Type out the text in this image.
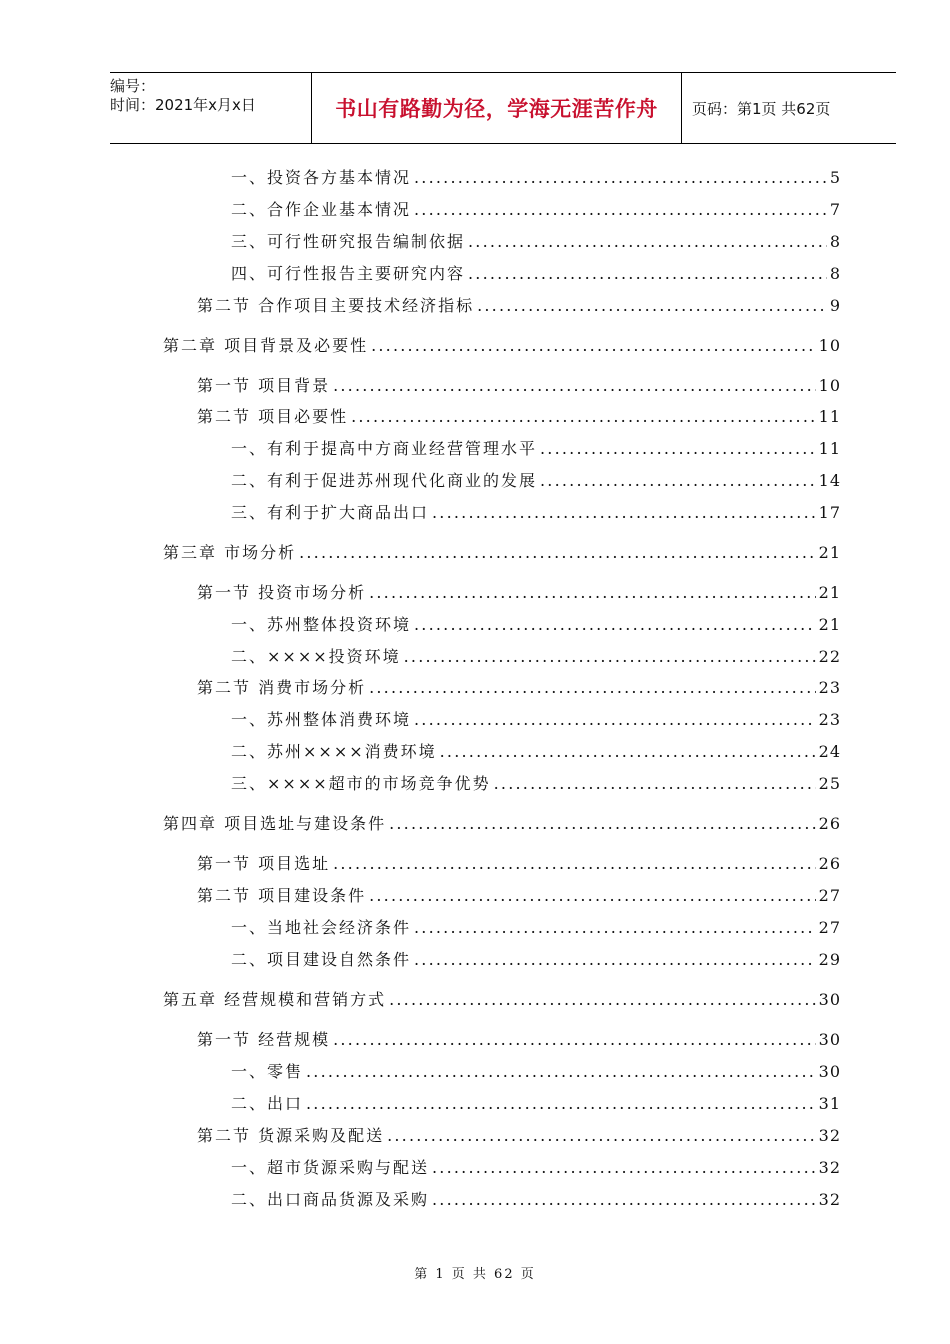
编号：
时间：2021年x月x日	书山有路勤为径，学海无涯苦作舟 页码：第1页 共62页
一、投资各方基本情况 .....	5
二、合作企业基本情况 .....	7
三、可行性研究报告编制依据 .....	8
四、可行性报告主要研究内容 .....	8
第二节 合作项目主要技术经济指标 .....	9
第二章 项目背景及必要性 .....	10
第一节 项目背景 .....	10
第二节 项目必要性 .....	11
一、有利于提高中方商业经营管理水平 .....	11
二、有利于促进苏州现代化商业的发展 .....	14
三、有利于扩大商品出口 .....	17
第三章 市场分析 .....	21
第一节 投资市场分析 .....	21
一、苏州整体投资环境 .....	21
二、××××投资环境 .....	22
第二节 消费市场分析 .....	23
一、苏州整体消费环境 .....	23
二、苏州××××消费环境 .....	24
三、××××超市的市场竞争优势 .....	25
第四章 项目选址与建设条件 .....	26
第一节 项目选址 .....	26
第二节 项目建设条件 .....	27
一、当地社会经济条件 .....	27
二、项目建设自然条件 .....	29
第五章 经营规模和营销方式 .....	30
第一节 经营规模 .....	30
一、零售 .....	30
二、出口 .....	31
第二节 货源采购及配送 .....	32
一、超市货源采购与配送 .....	32
二、出口商品货源及采购 .....	32
第 1 页 共 62 页
